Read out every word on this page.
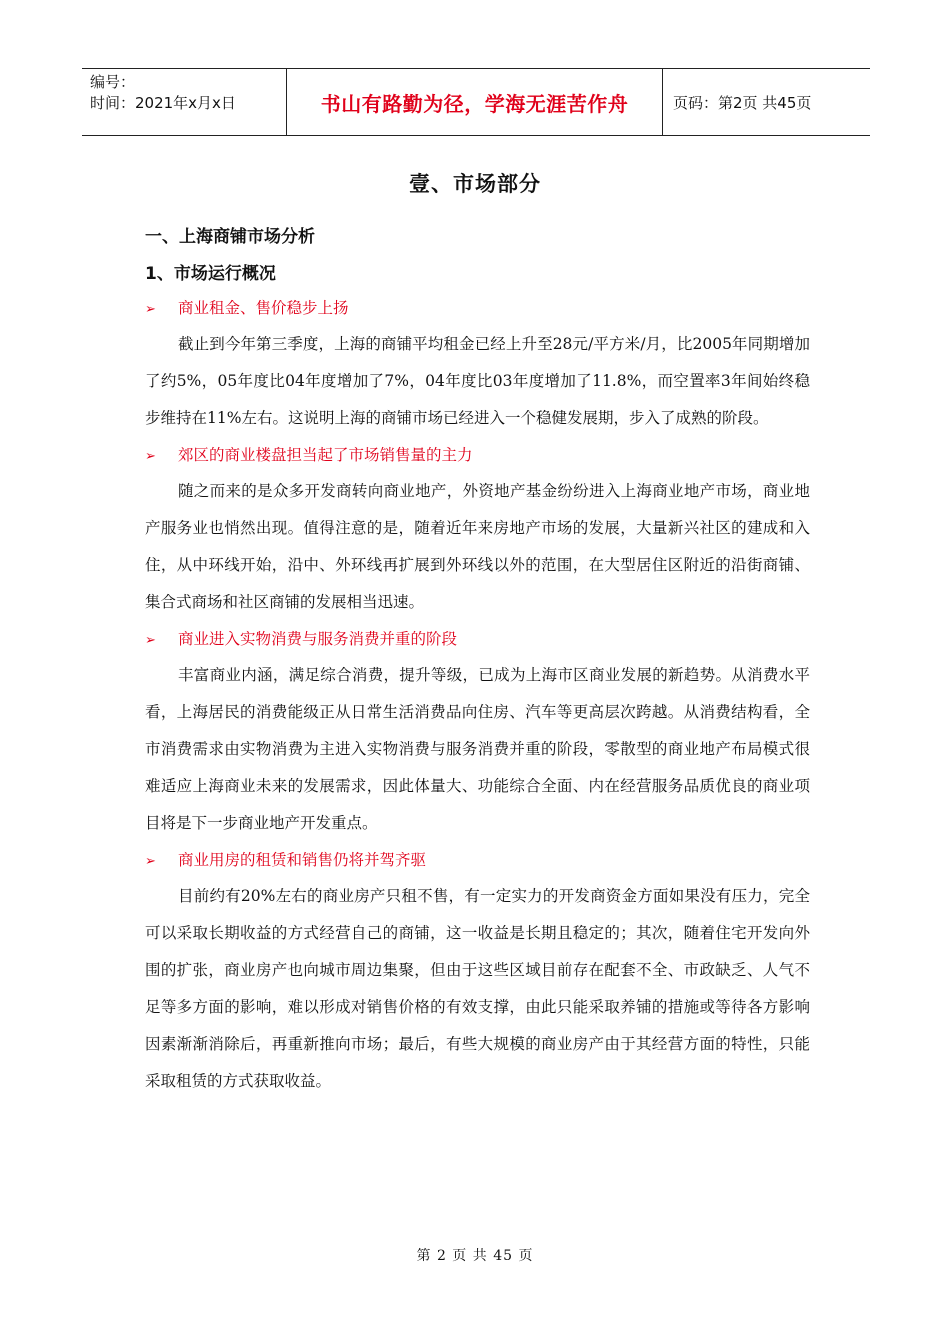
编号：
时间：2021年x月x日	书山有路勤为径，学海无涯苦作舟	页码：第2页 共45页
壹、市场部分
一、上海商铺市场分析
1、市场运行概况
➢ 商业租金、售价稳步上扬

截止到今年第三季度，上海的商铺平均租金已经上升至28元/平方米/月，比2005年同期增加了约5%，05年度比04年度增加了7%，04年度比03年度增加了11.8%，而空置率3年间始终稳步维持在11%左右。这说明上海的商铺市场已经进入一个稳健发展期，步入了成熟的阶段。

➢ 郊区的商业楼盘担当起了市场销售量的主力

随之而来的是众多开发商转向商业地产，外资地产基金纷纷进入上海商业地产市场，商业地产服务业也悄然出现。值得注意的是，随着近年来房地产市场的发展，大量新兴社区的建成和入住，从中环线开始，沿中、外环线再扩展到外环线以外的范围，在大型居住区附近的沿街商铺、集合式商场和社区商铺的发展相当迅速。

➢ 商业进入实物消费与服务消费并重的阶段

丰富商业内涵，满足综合消费，提升等级，已成为上海市区商业发展的新趋势。从消费水平看，上海居民的消费能级正从日常生活消费品向住房、汽车等更高层次跨越。从消费结构看，全市消费需求由实物消费为主进入实物消费与服务消费并重的阶段，零散型的商业地产布局模式很难适应上海商业未来的发展需求，因此体量大、功能综合全面、内在经营服务品质优良的商业项目将是下一步商业地产开发重点。

➢ 商业用房的租赁和销售仍将并驾齐驱

目前约有20%左右的商业房产只租不售，有一定实力的开发商资金方面如果没有压力，完全可以采取长期收益的方式经营自己的商铺，这一收益是长期且稳定的；其次，随着住宅开发向外围的扩张，商业房产也向城市周边集聚，但由于这些区域目前存在配套不全、市政缺乏、人气不足等多方面的影响，难以形成对销售价格的有效支撑，由此只能采取养铺的措施或等待各方影响因素渐渐消除后，再重新推向市场；最后，有些大规模的商业房产由于其经营方面的特性，只能采取租赁的方式获取收益。

第 2 页 共 45 页
